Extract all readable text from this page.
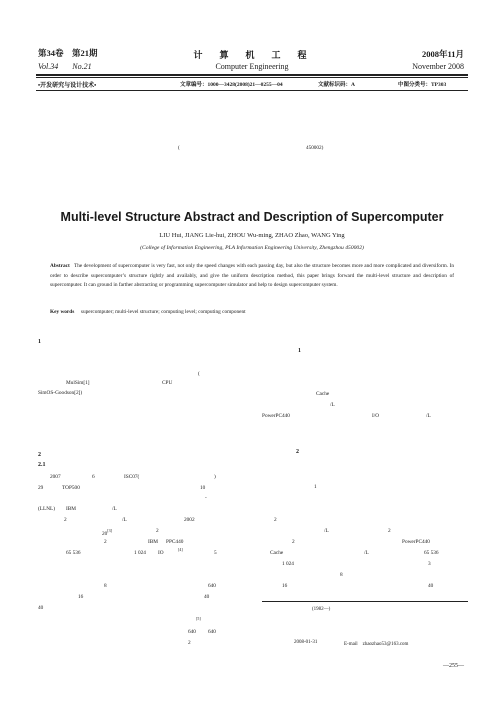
第34卷　第21期
Vol.34 No.21
计　算　机　工　程
Computer Engineering
2008年11月
November 2008
•开发研究与设计技术•	文章编号：1000—3428(2008)21—0255—04	文献标识码：A	中图分类号：TP303
(	450002)
Multi-level Structure Abstract and Description of Supercomputer
LIU Hui, JIANG Lie-hui, ZHOU Wu-ming, ZHAO Zhao, WANG Ying
(College of Information Engineering, PLA Information Engineering University, Zhengzhou 450002)
Abstract The development of supercomputer is very fast, not only the speed changes with each passing day, but also the structure becomes more and more complicated and diversiform. In order to describe supercomputer’s structure rightly and availably, and give the uniform description method, this paper brings forward the multi-level structure and description of supercomputer. It can ground in farther abstracting or programming supercomputer simulator and help to design supercomputer system.
Key words supercomputer; multi-level structure; computing level; computing component
1
(
MulSim[1]	CPU
SimOS-Goodson[2])
2
2.1
2007	6	ISC07(	)
29	TOP500	10
-
(LLNL) IBM	/L
2	/L	2002
20[3]	2
2	IBM PPC440
65 536	1 024 IO
[4]
5
8	640
16	40
40
[5]
640 640
2
1
Cache
/L
PowerPC440	I/O	/L
2
1
2
/L	2
2	PowerPC440
Cache	/L	65 536
1 024	3
8
16	40
(1982—)
2008-01-31	E-mail　zhaozhao53@163.com
—255—
